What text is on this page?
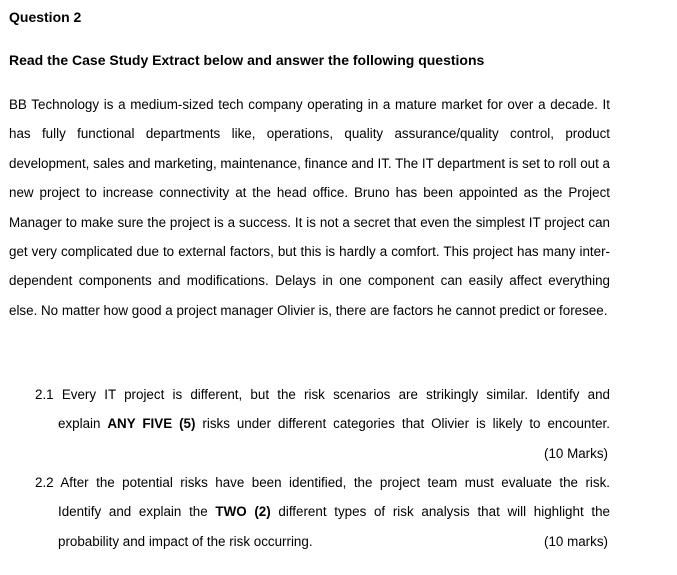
Question 2
Read the Case Study Extract below and answer the following questions

BB Technology is a medium-sized tech company operating in a mature market for over a decade. It has fully functional departments like, operations, quality assurance/quality control, product development, sales and marketing, maintenance, finance and IT. The IT department is set to roll out a new project to increase connectivity at the head office. Bruno has been appointed as the Project Manager to make sure the project is a success. It is not a secret that even the simplest IT project can get very complicated due to external factors, but this is hardly a comfort. This project has many inter-dependent components and modifications. Delays in one component can easily affect everything else. No matter how good a project manager Olivier is, there are factors he cannot predict or foresee.

2.1 Every IT project is different, but the risk scenarios are strikingly similar. Identify and
explain ANY FIVE (5) risks under different categories that Olivier is likely to encounter.
(10 Marks)
2.2 After the potential risks have been identified, the project team must evaluate the risk.
Identify and explain the TWO (2) different types of risk analysis that will highlight the
probability and impact of the risk occurring.	(10 marks)
